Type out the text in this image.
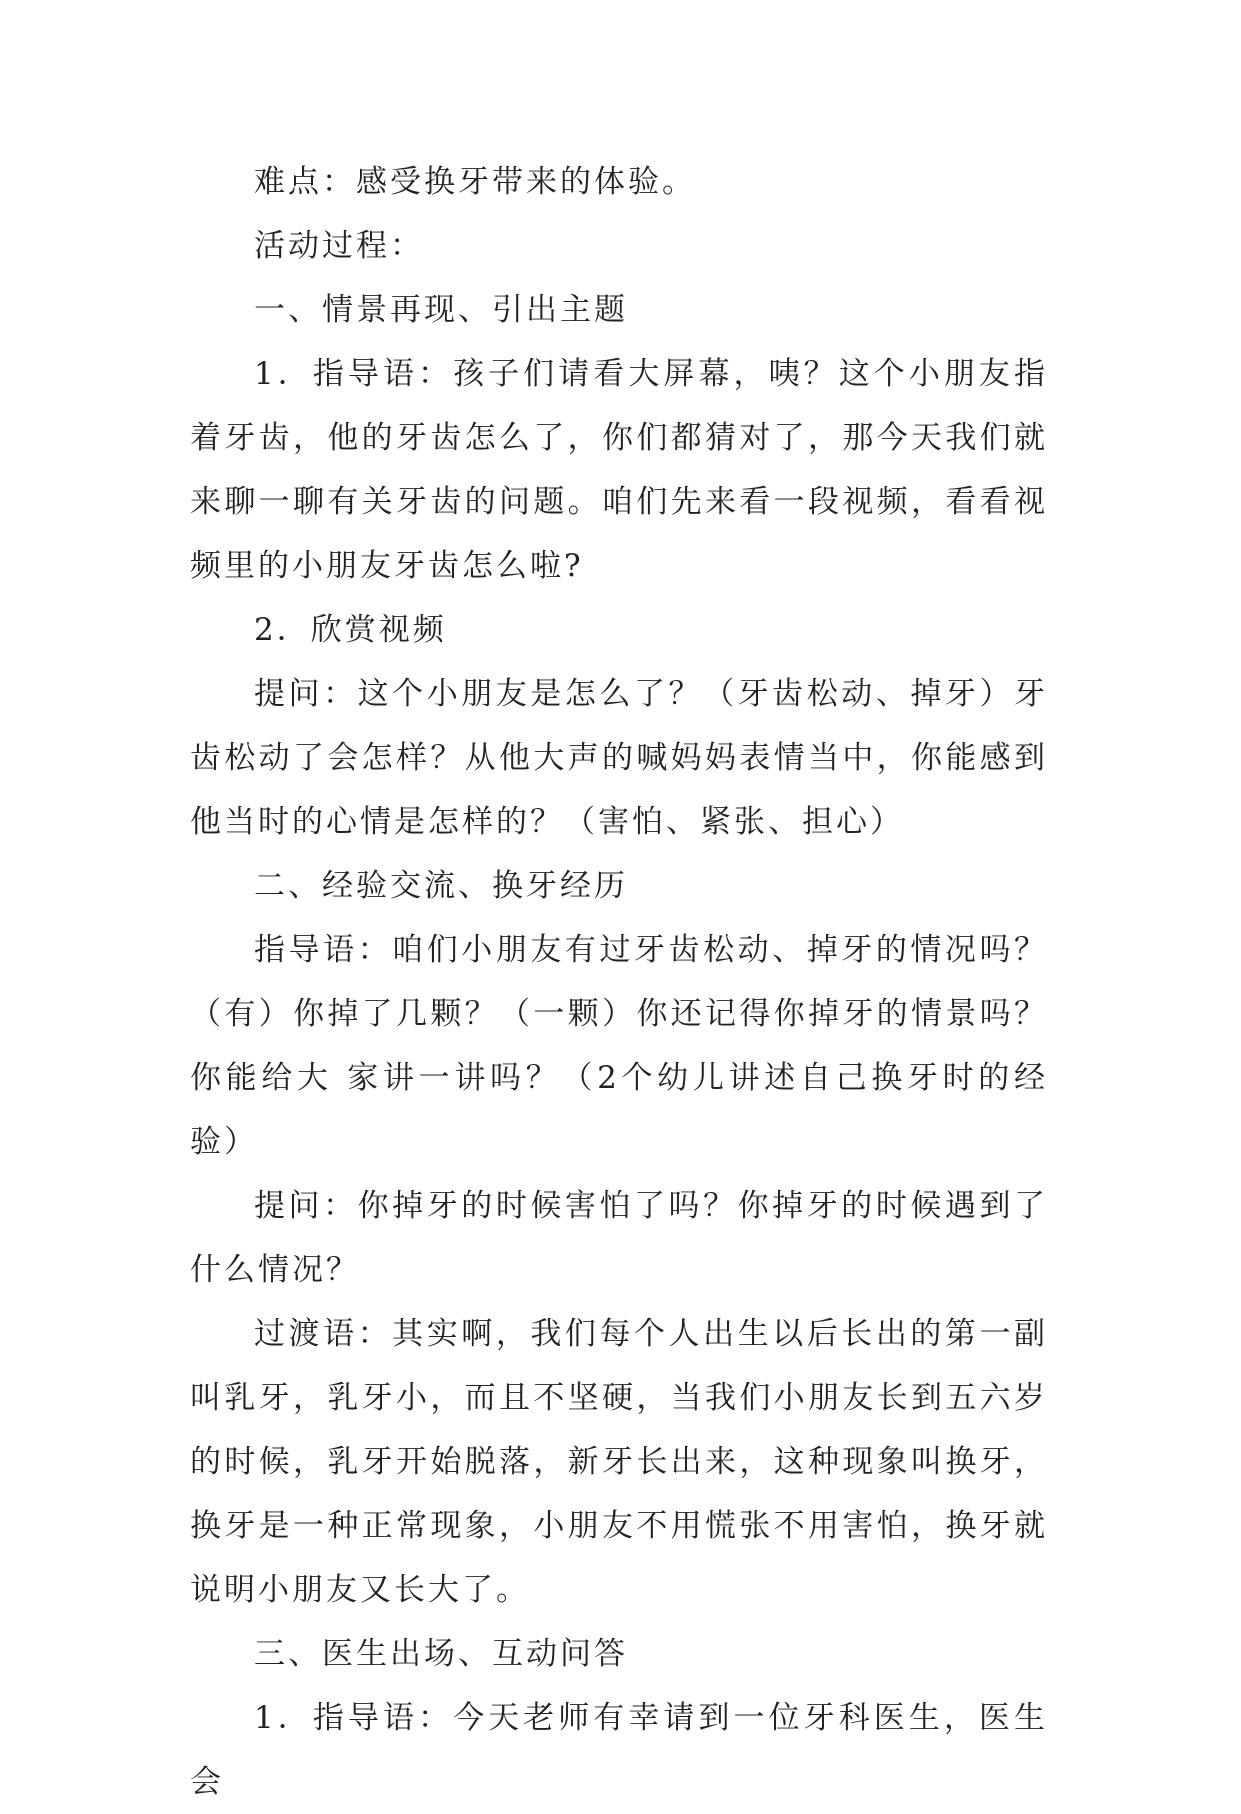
难点：感受换牙带来的体验。

活动过程：

一、情景再现、引出主题

1．指导语：孩子们请看大屏幕，咦？这个小朋友指着牙齿，他的牙齿怎么了，你们都猜对了，那今天我们就来聊一聊有关牙齿的问题。咱们先来看一段视频，看看视频里的小朋友牙齿怎么啦?

2．欣赏视频

提问：这个小朋友是怎么了？（牙齿松动、掉牙）牙齿松动了会怎样？从他大声的喊妈妈表情当中，你能感到他当时的心情是怎样的？（害怕、紧张、担心）

二、经验交流、换牙经历

指导语：咱们小朋友有过牙齿松动、掉牙的情况吗？（有）你掉了几颗？（一颗）你还记得你掉牙的情景吗？你能给大 家讲一讲吗？（2个幼儿讲述自己换牙时的经验）

提问：你掉牙的时候害怕了吗？你掉牙的时候遇到了什么情况？

过渡语：其实啊，我们每个人出生以后长出的第一副叫乳牙，乳牙小，而且不坚硬，当我们小朋友长到五六岁的时候，乳牙开始脱落，新牙长出来，这种现象叫换牙，换牙是一种正常现象，小朋友不用慌张不用害怕，换牙就说明小朋友又长大了。

三、医生出场、互动问答

1．指导语：今天老师有幸请到一位牙科医生，医生会
